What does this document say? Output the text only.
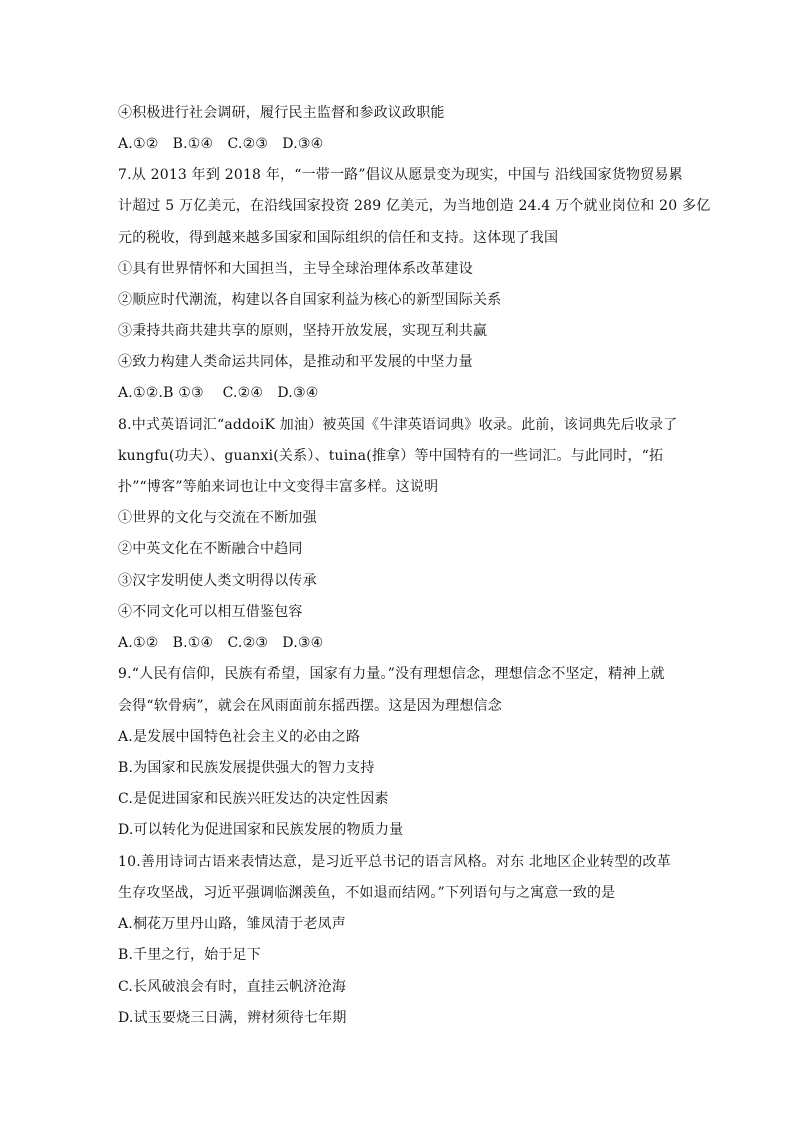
④积极进行社会调研，履行民主监督和参政议政职能
A.①②　B.①④　C.②③　D.③④
7.从 2013 年到 2018 年，“一带一路”倡议从愿景变为现实，中国与 沿线国家货物贸易累
计超过 5 万亿美元，在沿线国家投资 289 亿美元，为当地创造 24.4 万个就业岗位和 20 多亿
元的税收，得到越来越多国家和国际组织的信任和支持。这体现了我国
①具有世界情怀和大国担当，主导全球治理体系改革建设
②顺应时代潮流，构建以各自国家利益为核心的新型国际关系
③秉持共商共建共享的原则，坚持开放发展，实现互利共赢
④致力构建人类命运共同体，是推动和平发展的中坚力量
A.①②.B ①③　 C.②④　D.③④
8.中式英语词汇“addoiK 加油）被英国《牛津英语词典》收录。此前，该词典先后收录了
kungfu(功夫）、guanxi(关系）、tuina(推拿）等中国特有的一些词汇。与此同时，“拓
扑”“博客”等舶来词也让中文变得丰富多样。这说明
①世界的文化与交流在不断加强
②中英文化在不断融合中趋同
③汉字发明使人类文明得以传承
④不同文化可以相互借鉴包容
A.①②　B.①④　C.②③　D.③④
9.“人民有信仰，民族有希望，国家有力量。”没有理想信念，理想信念不坚定，精神上就
会得“软骨病”，就会在风雨面前东摇西摆。这是因为理想信念
A.是发展中国特色社会主义的必由之路
B.为国家和民族发展提供强大的智力支持
C.是促进国家和民族兴旺发达的决定性因素
D.可以转化为促进国家和民族发展的物质力量
10.善用诗词古语来表情达意，是习近平总书记的语言风格。对东 北地区企业转型的改革
生存攻坚战，习近平强调临渊羡鱼，不如退而结网。”下列语句与之寓意一致的是
A.桐花万里丹山路，雏凤清于老凤声
B.千里之行，始于足下
C.长风破浪会有时，直挂云帆济沧海
D.试玉要烧三日满，辨材须待七年期
